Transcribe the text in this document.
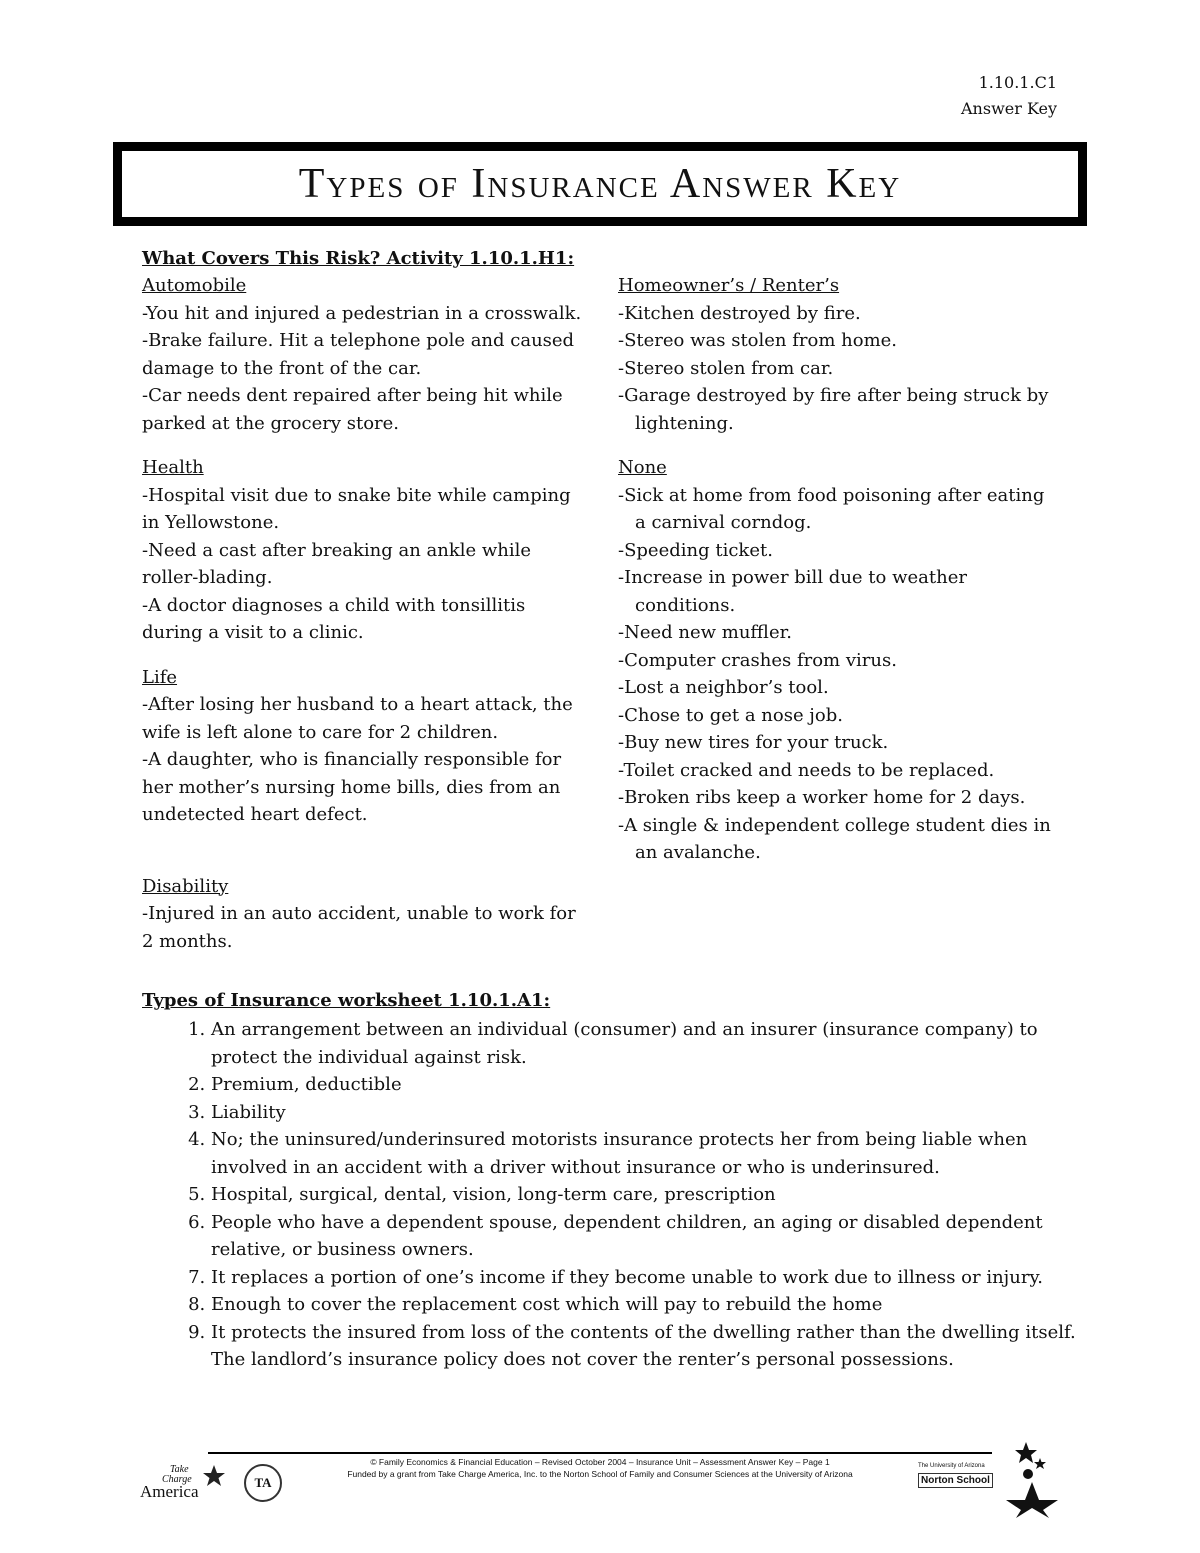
1.10.1.C1
Answer Key
Types of Insurance Answer Key
What Covers This Risk? Activity 1.10.1.H1:
Automobile
-You hit and injured a pedestrian in a crosswalk.
-Brake failure. Hit a telephone pole and caused damage to the front of the car.
-Car needs dent repaired after being hit while parked at the grocery store.
Health
-Hospital visit due to snake bite while camping in Yellowstone.
-Need a cast after breaking an ankle while roller-blading.
-A doctor diagnoses a child with tonsillitis during a visit to a clinic.
Life
-After losing her husband to a heart attack, the wife is left alone to care for 2 children.
-A daughter, who is financially responsible for her mother’s nursing home bills, dies from an undetected heart defect.
Disability
-Injured in an auto accident, unable to work for 2 months.
Homeowner’s / Renter’s
-Kitchen destroyed by fire.
-Stereo was stolen from home.
-Stereo stolen from car.
-Garage destroyed by fire after being struck by lightening.
None
-Sick at home from food poisoning after eating a carnival corndog.
-Speeding ticket.
-Increase in power bill due to weather conditions.
-Need new muffler.
-Computer crashes from virus.
-Lost a neighbor’s tool.
-Chose to get a nose job.
-Buy new tires for your truck.
-Toilet cracked and needs to be replaced.
-Broken ribs keep a worker home for 2 days.
-A single & independent college student dies in an avalanche.
Types of Insurance worksheet 1.10.1.A1:
1. An arrangement between an individual (consumer) and an insurer (insurance company) to protect the individual against risk.
2. Premium, deductible
3. Liability
4. No; the uninsured/underinsured motorists insurance protects her from being liable when involved in an accident with a driver without insurance or who is underinsured.
5. Hospital, surgical, dental, vision, long-term care, prescription
6. People who have a dependent spouse, dependent children, an aging or disabled dependent relative, or business owners.
7. It replaces a portion of one’s income if they become unable to work due to illness or injury.
8. Enough to cover the replacement cost which will pay to rebuild the home
9. It protects the insured from loss of the contents of the dwelling rather than the dwelling itself. The landlord’s insurance policy does not cover the renter’s personal possessions.
© Family Economics & Financial Education – Revised October 2004 – Insurance Unit – Assessment Answer Key – Page 1
Funded by a grant from Take Charge America, Inc. to the Norton School of Family and Consumer Sciences at the University of Arizona
Take
Charge
America	TA
The University of Arizona
Norton School
